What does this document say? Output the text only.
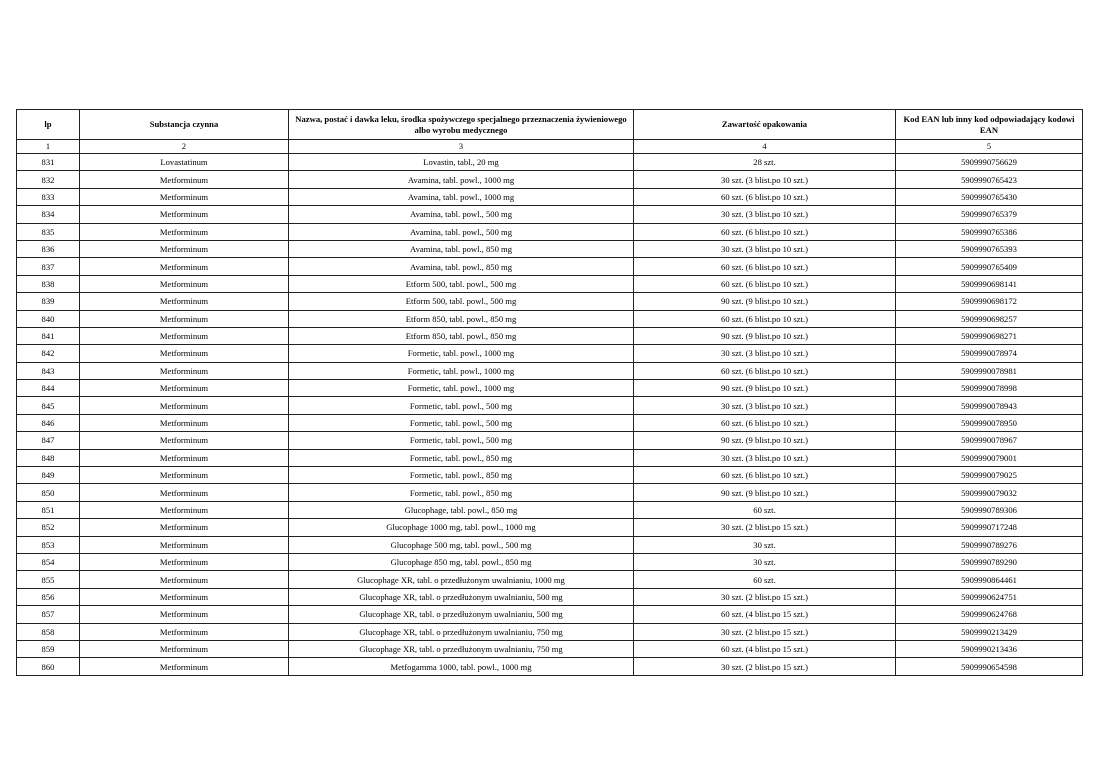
lp	Substancja czynna	Nazwa, postać i dawka leku, środka spożywczego specjalnego przeznaczenia żywieniowego albo wyrobu medycznego	Zawartość opakowania	Kod EAN lub inny kod odpowiadający kodowi EAN
1	2	3	4	5
831	Lovastatinum	Lovastin, tabl., 20 mg	28 szt.	5909990756629
832	Metforminum	Avamina, tabl. powl., 1000 mg	30 szt. (3 blist.po 10 szt.)	5909990765423
833	Metforminum	Avamina, tabl. powl., 1000 mg	60 szt. (6 blist.po 10 szt.)	5909990765430
834	Metforminum	Avamina, tabl. powl., 500 mg	30 szt. (3 blist.po 10 szt.)	5909990765379
835	Metforminum	Avamina, tabl. powl., 500 mg	60 szt. (6 blist.po 10 szt.)	5909990765386
836	Metforminum	Avamina, tabl. powl., 850 mg	30 szt. (3 blist.po 10 szt.)	5909990765393
837	Metforminum	Avamina, tabl. powl., 850 mg	60 szt. (6 blist.po 10 szt.)	5909990765409
838	Metforminum	Etform 500, tabl. powl., 500 mg	60 szt. (6 blist.po 10 szt.)	5909990698141
839	Metforminum	Etform 500, tabl. powl., 500 mg	90 szt. (9 blist.po 10 szt.)	5909990698172
840	Metforminum	Etform 850, tabl. powl., 850 mg	60 szt. (6 blist.po 10 szt.)	5909990698257
841	Metforminum	Etform 850, tabl. powl., 850 mg	90 szt. (9 blist.po 10 szt.)	5909990698271
842	Metforminum	Formetic, tabl. powl., 1000 mg	30 szt. (3 blist.po 10 szt.)	5909990078974
843	Metforminum	Formetic, tabl. powl., 1000 mg	60 szt. (6 blist.po 10 szt.)	5909990078981
844	Metforminum	Formetic, tabl. powl., 1000 mg	90 szt. (9 blist.po 10 szt.)	5909990078998
845	Metforminum	Formetic, tabl. powl., 500 mg	30 szt. (3 blist.po 10 szt.)	5909990078943
846	Metforminum	Formetic, tabl. powl., 500 mg	60 szt. (6 blist.po 10 szt.)	5909990078950
847	Metforminum	Formetic, tabl. powl., 500 mg	90 szt. (9 blist.po 10 szt.)	5909990078967
848	Metforminum	Formetic, tabl. powl., 850 mg	30 szt. (3 blist.po 10 szt.)	5909990079001
849	Metforminum	Formetic, tabl. powl., 850 mg	60 szt. (6 blist.po 10 szt.)	5909990079025
850	Metforminum	Formetic, tabl. powl., 850 mg	90 szt. (9 blist.po 10 szt.)	5909990079032
851	Metforminum	Glucophage, tabl. powl., 850 mg	60 szt.	5909990789306
852	Metforminum	Glucophage 1000 mg, tabl. powl., 1000 mg	30 szt. (2 blist.po 15 szt.)	5909990717248
853	Metforminum	Glucophage 500 mg, tabl. powl., 500 mg	30 szt.	5909990789276
854	Metforminum	Glucophage 850 mg, tabl. powl., 850 mg	30 szt.	5909990789290
855	Metforminum	Glucophage XR, tabl. o przedłużonym uwalnianiu, 1000 mg	60 szt.	5909990864461
856	Metforminum	Glucophage XR, tabl. o przedłużonym uwalnianiu, 500 mg	30 szt. (2 blist.po 15 szt.)	5909990624751
857	Metforminum	Glucophage XR, tabl. o przedłużonym uwalnianiu, 500 mg	60 szt. (4 blist.po 15 szt.)	5909990624768
858	Metforminum	Glucophage XR, tabl. o przedłużonym uwalnianiu, 750 mg	30 szt. (2 blist.po 15 szt.)	5909990213429
859	Metforminum	Glucophage XR, tabl. o przedłużonym uwalnianiu, 750 mg	60 szt. (4 blist.po 15 szt.)	5909990213436
860	Metforminum	Metfogamma 1000, tabl. powl., 1000 mg	30 szt. (2 blist.po 15 szt.)	5909990654598
